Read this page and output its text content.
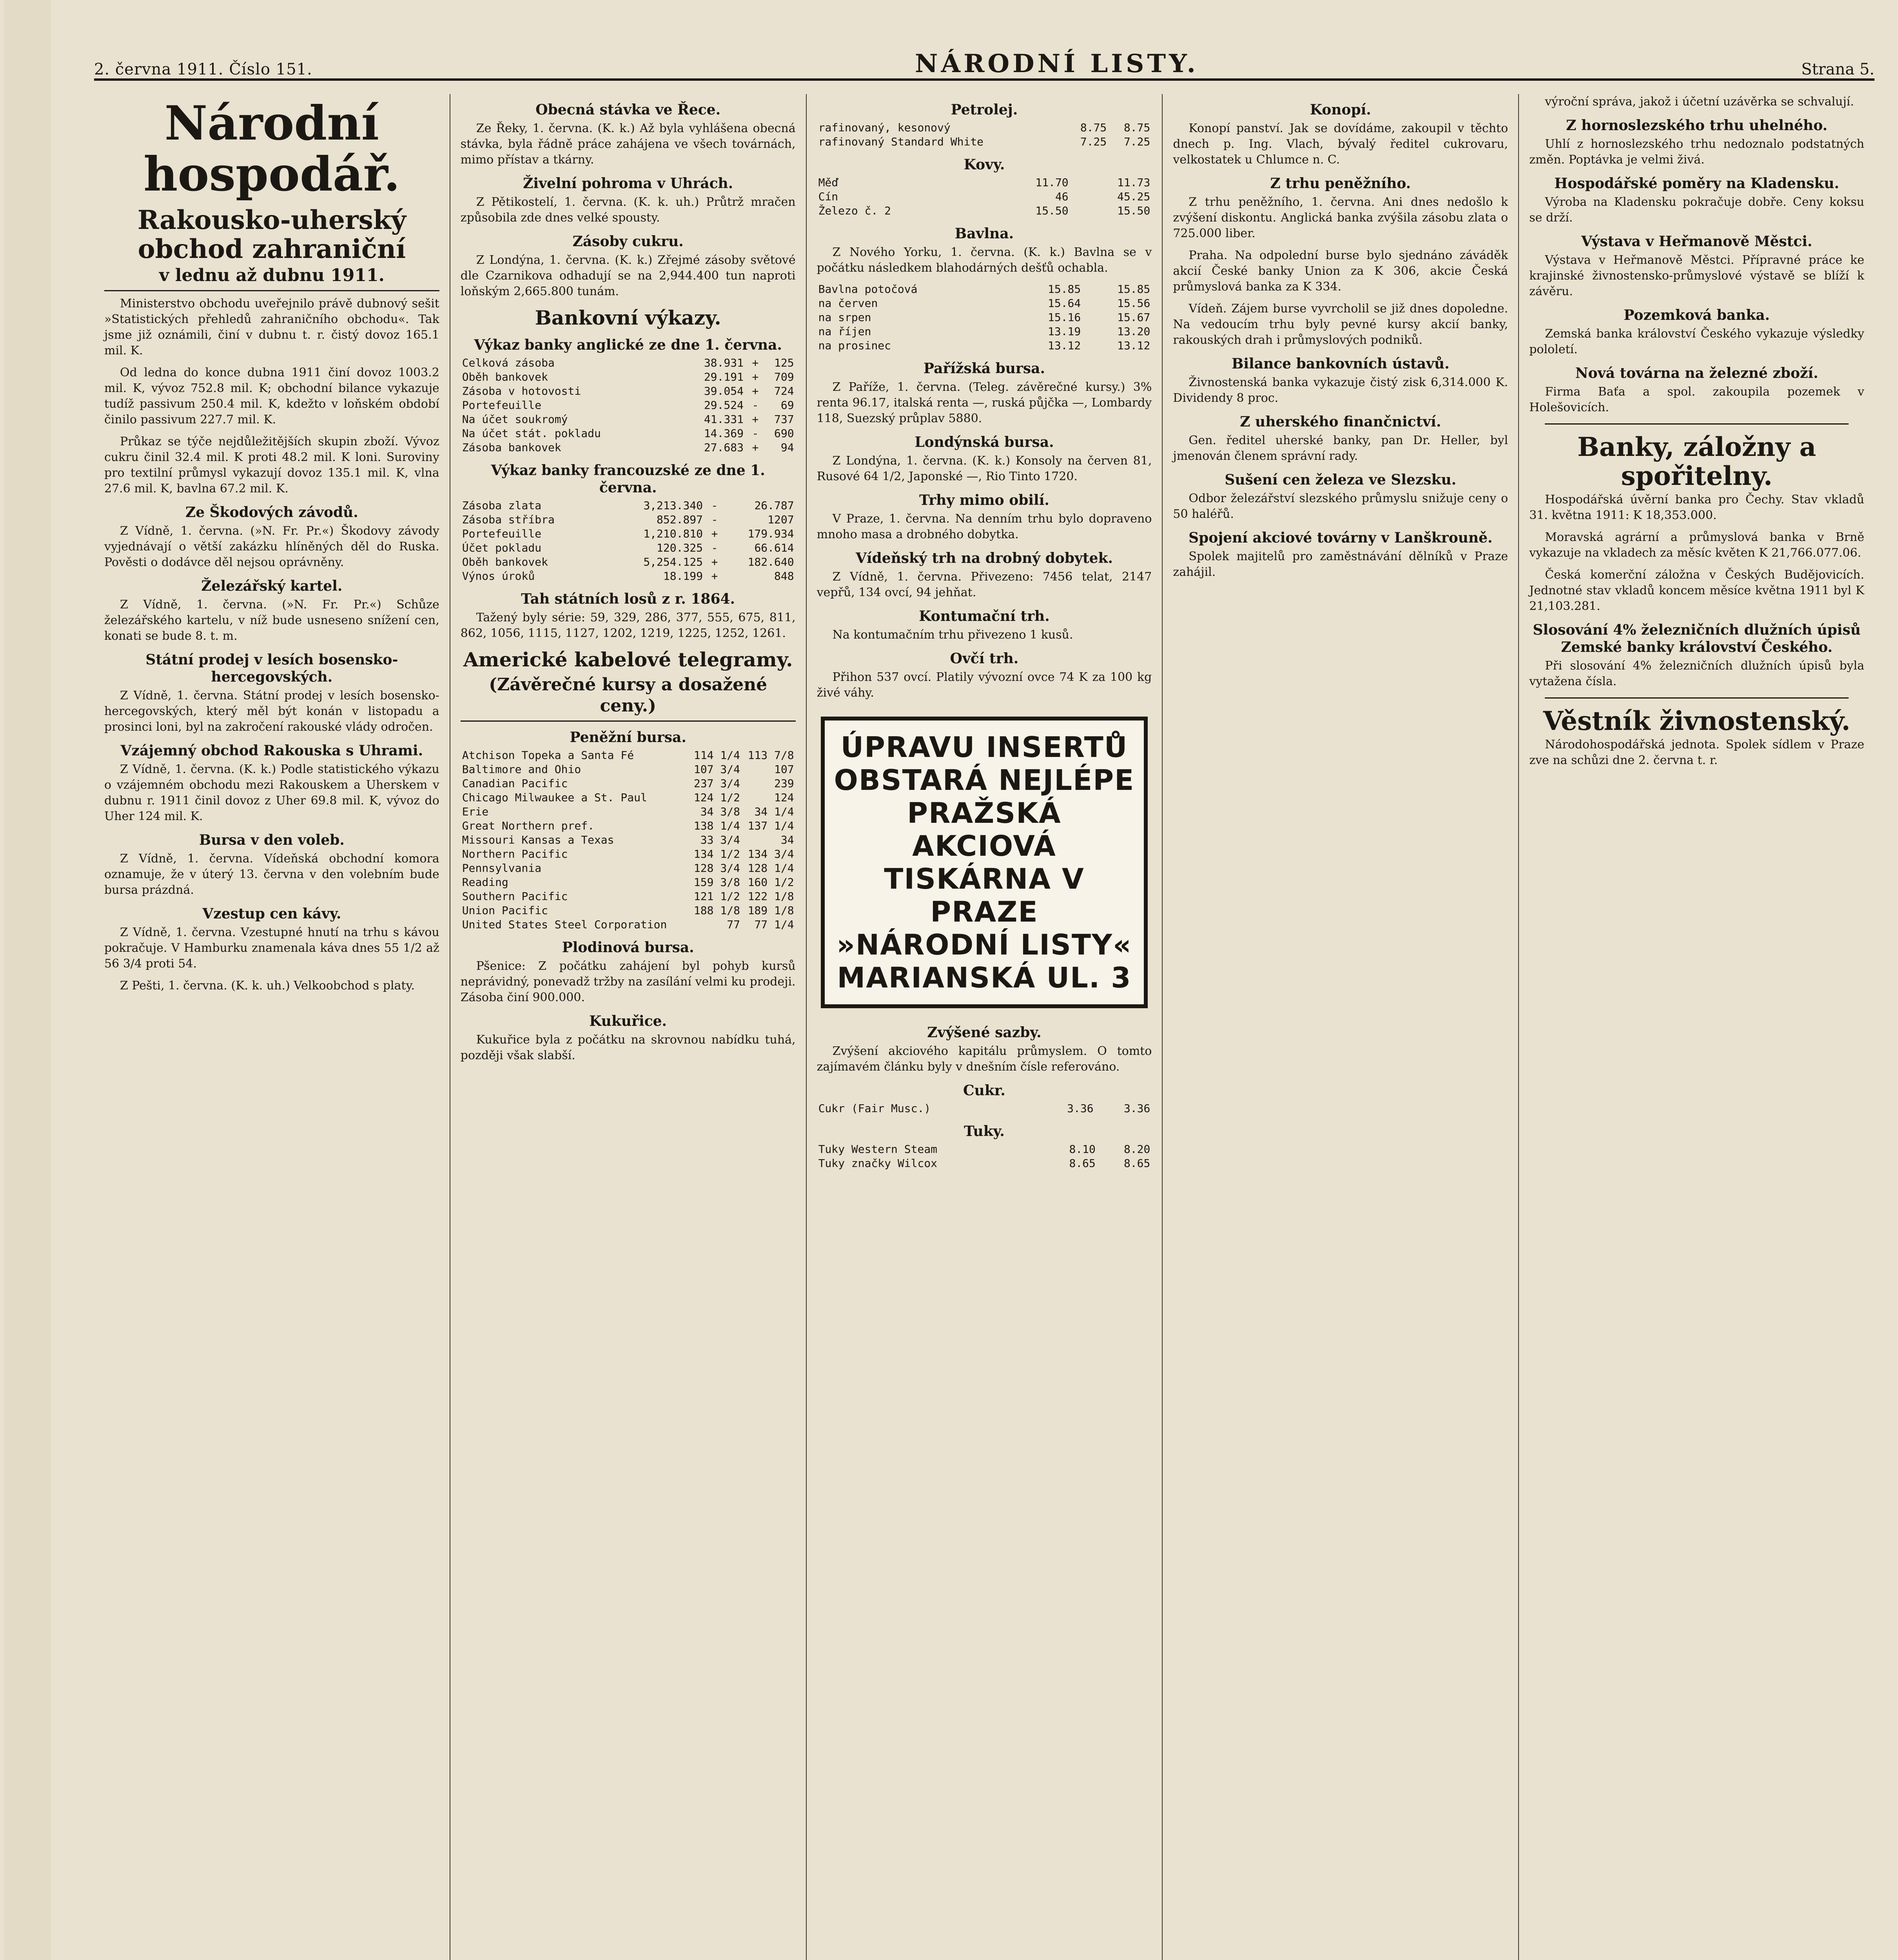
2. června 1911. Číslo 151.	NÁRODNÍ LISTY.	Strana 5.
Národní hospodář.
Rakousko-uherský obchod zahraniční
v lednu až dubnu 1911.

Ministerstvo obchodu uveřejnilo právě dubnový sešit »Statistických přehledů zahraničního obchodu«. Tak jsme již oznámili, činí v dubnu t. r. čistý dovoz 165.1 mil. K.

Od ledna do konce dubna 1911 činí dovoz 1003.2 mil. K, vývoz 752.8 mil. K; obchodní bilance vykazuje tudíž passivum 250.4 mil. K, kdežto v loňském období činilo passivum 227.7 mil. K.

Průkaz se týče nejdůležitějších skupin zboží. Vývoz cukru činil 32.4 mil. K proti 48.2 mil. K loni. Suroviny pro textilní průmysl vykazují dovoz 135.1 mil. K, vlna 27.6 mil. K, bavlna 67.2 mil. K.

Ze Škodových závodů.

Z Vídně, 1. června. (»N. Fr. Pr.«) Škodovy závody vyjednávají o větší zakázku hlíněných děl do Ruska. Pověsti o dodávce děl nejsou oprávněny.

Železářský kartel.

Z Vídně, 1. června. (»N. Fr. Pr.«) Schůze železářského kartelu, v níž bude usneseno snížení cen, konati se bude 8. t. m.

Státní prodej v lesích bosensko-hercegovských.

Z Vídně, 1. června. Státní prodej v lesích bosensko-hercegovských, který měl být konán v listopadu a prosinci loni, byl na zakročení rakouské vlády odročen.

Vzájemný obchod Rakouska s Uhrami.

Z Vídně, 1. června. (K. k.) Podle statistického výkazu o vzájemném obchodu mezi Rakouskem a Uherskem v dubnu r. 1911 činil dovoz z Uher 69.8 mil. K, vývoz do Uher 124 mil. K.

Bursa v den voleb.

Z Vídně, 1. června. Vídeňská obchodní komora oznamuje, že v úterý 13. června v den volebním bude bursa prázdná.

Vzestup cen kávy.

Z Vídně, 1. června. Vzestupné hnutí na trhu s kávou pokračuje. V Hamburku znamenala káva dnes 55 1/2 až 56 3/4 proti 54.

Z Pešti, 1. června. (K. k. uh.) Velkoobchod s platy.

Obecná stávka ve Řece.

Ze Řeky, 1. června. (K. k.) Až byla vyhlášena obecná stávka, byla řádně práce zahájena ve všech továrnách, mimo přístav a tkárny.

Živelní pohroma v Uhrách.

Z Pětikostelí, 1. června. (K. k. uh.) Průtrž mračen způsobila zde dnes velké spousty.

Zásoby cukru.

Z Londýna, 1. června. (K. k.) Zřejmé zásoby světové dle Czarnikova odhadují se na 2,944.400 tun naproti loňským 2,665.800 tunám.

Bankovní výkazy.
Výkaz banky anglické ze dne 1. června.
Celková zásoba	38.931	+	125
Oběh bankovek	29.191	+	709
Zásoba v hotovosti	39.054	+	724
Portefeuille	29.524	-	69
Na účet soukromý	41.331	+	737
Na účet stát. pokladu	14.369	-	690
Zásoba bankovek	27.683	+	94
Výkaz banky francouzské ze dne 1. června.
Zásoba zlata	3,213.340	-	26.787
Zásoba stříbra	852.897	-	1207
Portefeuille	1,210.810	+	179.934
Účet pokladu	120.325	-	66.614
Oběh bankovek	5,254.125	+	182.640
Výnos úroků	18.199	+	848
Tah státních losů z r. 1864.

Tažený byly série: 59, 329, 286, 377, 555, 675, 811, 862, 1056, 1115, 1127, 1202, 1219, 1225, 1252, 1261.

Americké kabelové telegramy.
(Závěrečné kursy a dosažené ceny.)
Peněžní bursa.
Atchison Topeka a Santa Fé	114 1/4	113 7/8
Baltimore and Ohio	107 3/4	107
Canadian Pacific	237 3/4	239
Chicago Milwaukee a St. Paul	124 1/2	124
Erie	34 3/8	34 1/4
Great Northern pref.	138 1/4	137 1/4
Missouri Kansas a Texas	33 3/4	34
Northern Pacific	134 1/2	134 3/4
Pennsylvania	128 3/4	128 1/4
Reading	159 3/8	160 1/2
Southern Pacific	121 1/2	122 1/8
Union Pacific	188 1/8	189 1/8
United States Steel Corporation	77	77 1/4
Plodinová bursa.

Pšenice: Z počátku zahájení byl pohyb kursů neprávidný, ponevadž tržby na zasílání velmi ku prodeji. Zásoba činí 900.000.

Kukuřice.

Kukuřice byla z počátku na skrovnou nabídku tuhá, později však slabší.

Petrolej.
rafinovaný, kesonový	8.75	8.75
rafinovaný Standard White	7.25	7.25
Kovy.
Měď	11.70	11.73
Cín	46	45.25
Železo č. 2	15.50	15.50
Bavlna.

Z Nového Yorku, 1. června. (K. k.) Bavlna se v počátku následkem blahodárných dešťů ochabla.

Bavlna potočová	15.85	15.85
na červen	15.64	15.56
na srpen	15.16	15.67
na říjen	13.19	13.20
na prosinec	13.12	13.12
Pařížská bursa.

Z Paříže, 1. června. (Teleg. závěrečné kursy.) 3% renta 96.17, italská renta —, ruská půjčka —, Lombardy 118, Suezský průplav 5880.

Londýnská bursa.

Z Londýna, 1. června. (K. k.) Konsoly na červen 81, Rusové 64 1/2, Japonské —, Rio Tinto 1720.

Trhy mimo obilí.

V Praze, 1. června. Na denním trhu bylo dopraveno mnoho masa a drobného dobytka.

Vídeňský trh na drobný dobytek.

Z Vídně, 1. června. Přivezeno: 7456 telat, 2147 vepřů, 134 ovcí, 94 jehňat.

Kontumační trh.

Na kontumačním trhu přivezeno 1 kusů.

Ovčí trh.

Přihon 537 ovcí. Platily vývozní ovce 74 K za 100 kg živé váhy.

ÚPRAVU INSERTŮ
OBSTARÁ NEJLÉPE
PRAŽSKÁ AKCIOVÁ
TISKÁRNA V PRAZE
»NÁRODNÍ LISTY«
MARIANSKÁ UL. 3
Zvýšené sazby.

Zvýšení akciového kapitálu průmyslem. O tomto zajímavém článku byly v dnešním čísle referováno.

Cukr.
Cukr (Fair Musc.)	3.36	3.36
Tuky.
Tuky Western Steam	8.10	8.20
Tuky značky Wilcox	8.65	8.65
Konopí.

Konopí panství. Jak se dovídáme, zakoupil v těchto dnech p. Ing. Vlach, bývalý ředitel cukrovaru, velkostatek u Chlumce n. C.

Z trhu peněžního.

Z trhu peněžního, 1. června. Ani dnes nedošlo k zvýšení diskontu. Anglická banka zvýšila zásobu zlata o 725.000 liber.

Praha. Na odpolední burse bylo sjednáno záváděk akcií České banky Union za K 306, akcie Česká průmyslová banka za K 334.

Vídeň. Zájem burse vyvrcholil se již dnes dopoledne. Na vedoucím trhu byly pevné kursy akcií banky, rakouských drah i průmyslových podniků.

Bilance bankovních ústavů.

Živnostenská banka vykazuje čistý zisk 6,314.000 K. Dividendy 8 proc.

Z uherského finančnictví.

Gen. ředitel uherské banky, pan Dr. Heller, byl jmenován členem správní rady.

Sušení cen železa ve Slezsku.

Odbor železářství slezského průmyslu snižuje ceny o 50 haléřů.

Spojení akciové továrny v Lanškrouně.

Spolek majitelů pro zaměstnávání dělníků v Praze zahájil.

výroční správa, jakož i účetní uzávěrka se schvalují.

Z hornoslezského trhu uhelného.

Uhlí z hornoslezského trhu nedoznalo podstatných změn. Poptávka je velmi živá.

Hospodářské poměry na Kladensku.

Výroba na Kladensku pokračuje dobře. Ceny koksu se drží.

Výstava v Heřmanově Městci.

Výstava v Heřmanově Městci. Přípravné práce ke krajinské živnostensko-průmyslové výstavě se blíží k závěru.

Pozemková banka.

Zemská banka království Českého vykazuje výsledky pololetí.

Nová továrna na železné zboží.

Firma Baťa a spol. zakoupila pozemek v Holešovicích.

Banky, záložny a spořitelny.

Hospodářská úvěrní banka pro Čechy. Stav vkladů 31. května 1911: K 18,353.000.

Moravská agrární a průmyslová banka v Brně vykazuje na vkladech za měsíc květen K 21,766.077.06.

Česká komerční záložna v Českých Budějovicích. Jednotné stav vkladů koncem měsíce května 1911 byl K 21,103.281.

Slosování 4% železničních dlužních úpisů Zemské banky království Českého.

Při slosování 4% železničních dlužních úpisů byla vytažena čísla.

Věstník živnostenský.

Národohospodářská jednota. Spolek sídlem v Praze zve na schůzi dne 2. června t. r.
